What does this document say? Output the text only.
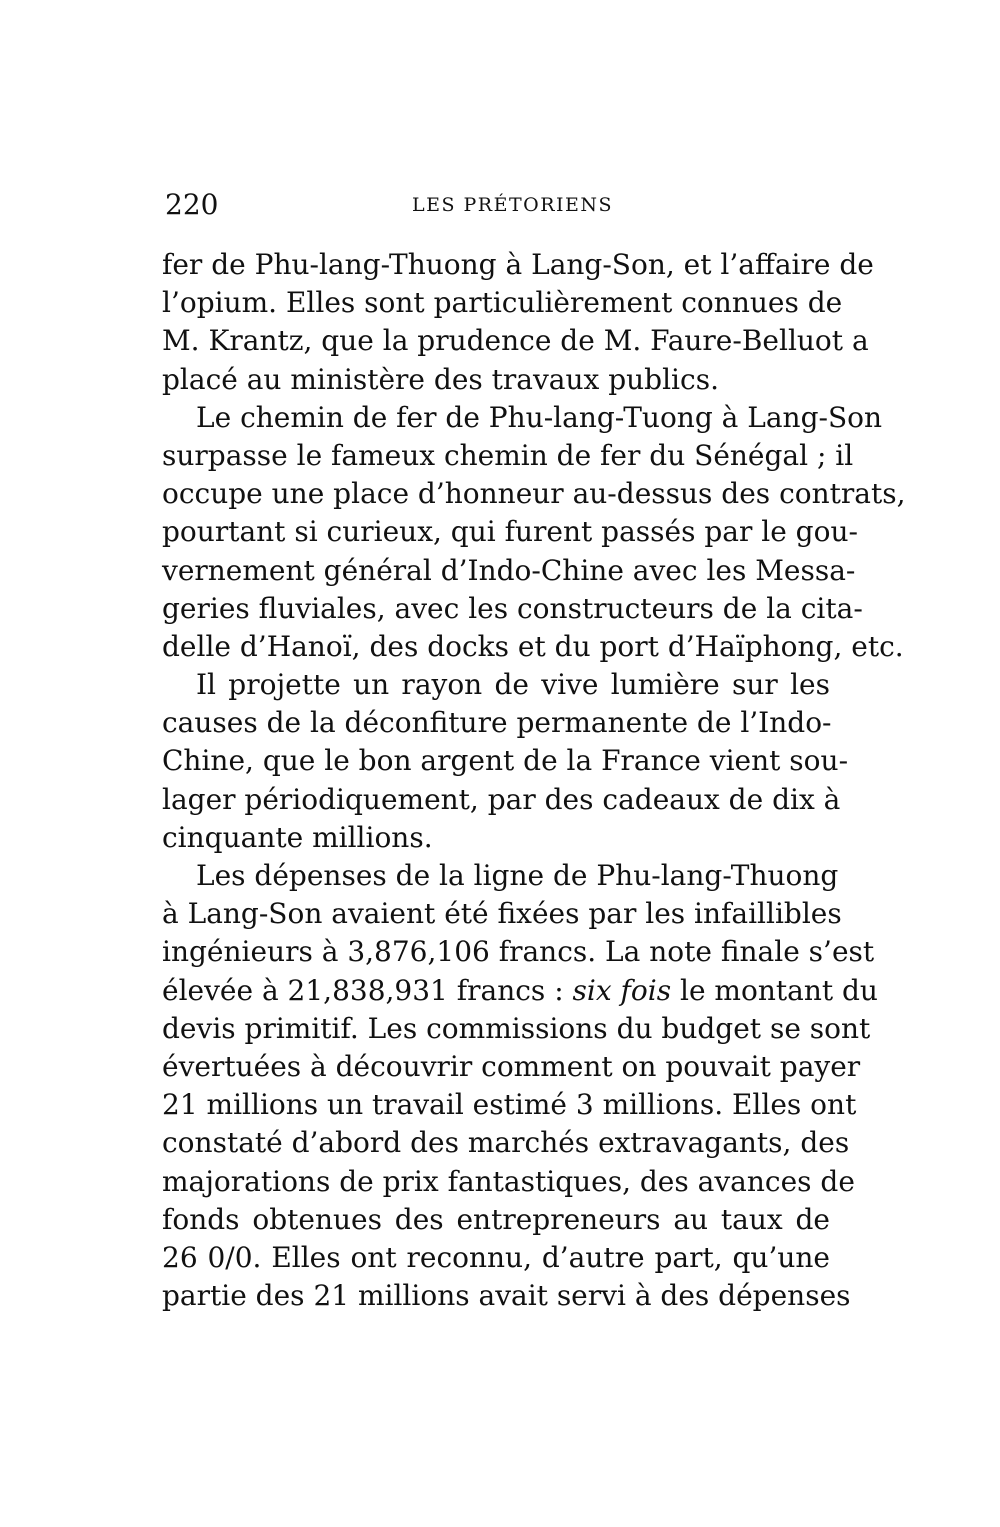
220	LES PRÉTORIENS
fer de Phu-lang-Thuong à Lang-Son, et l’affaire de
l’opium. Elles sont particulièrement connues de
M. Krantz, que la prudence de M. Faure-Belluot a
placé au ministère des travaux publics.
Le chemin de fer de Phu-lang-Tuong à Lang-Son
surpasse le fameux chemin de fer du Sénégal ; il
occupe une place d’honneur au-dessus des contrats,
pourtant si curieux, qui furent passés par le gou-
vernement général d’Indo-Chine avec les Messa-
geries fluviales, avec les constructeurs de la cita-
delle d’Hanoï, des docks et du port d’Haïphong, etc.
Il projette un rayon de vive lumière sur les
causes de la déconfiture permanente de l’Indo-
Chine, que le bon argent de la France vient sou-
lager périodiquement, par des cadeaux de dix à
cinquante millions.
Les dépenses de la ligne de Phu-lang-Thuong
à Lang-Son avaient été fixées par les infaillibles
ingénieurs à 3,876,106 francs. La note finale s’est
élevée à 21,838,931 francs : six fois le montant du
devis primitif. Les commissions du budget se sont
évertuées à découvrir comment on pouvait payer
21 millions un travail estimé 3 millions. Elles ont
constaté d’abord des marchés extravagants, des
majorations de prix fantastiques, des avances de
fonds obtenues des entrepreneurs au taux de
26 0/0. Elles ont reconnu, d’autre part, qu’une
partie des 21 millions avait servi à des dépenses
